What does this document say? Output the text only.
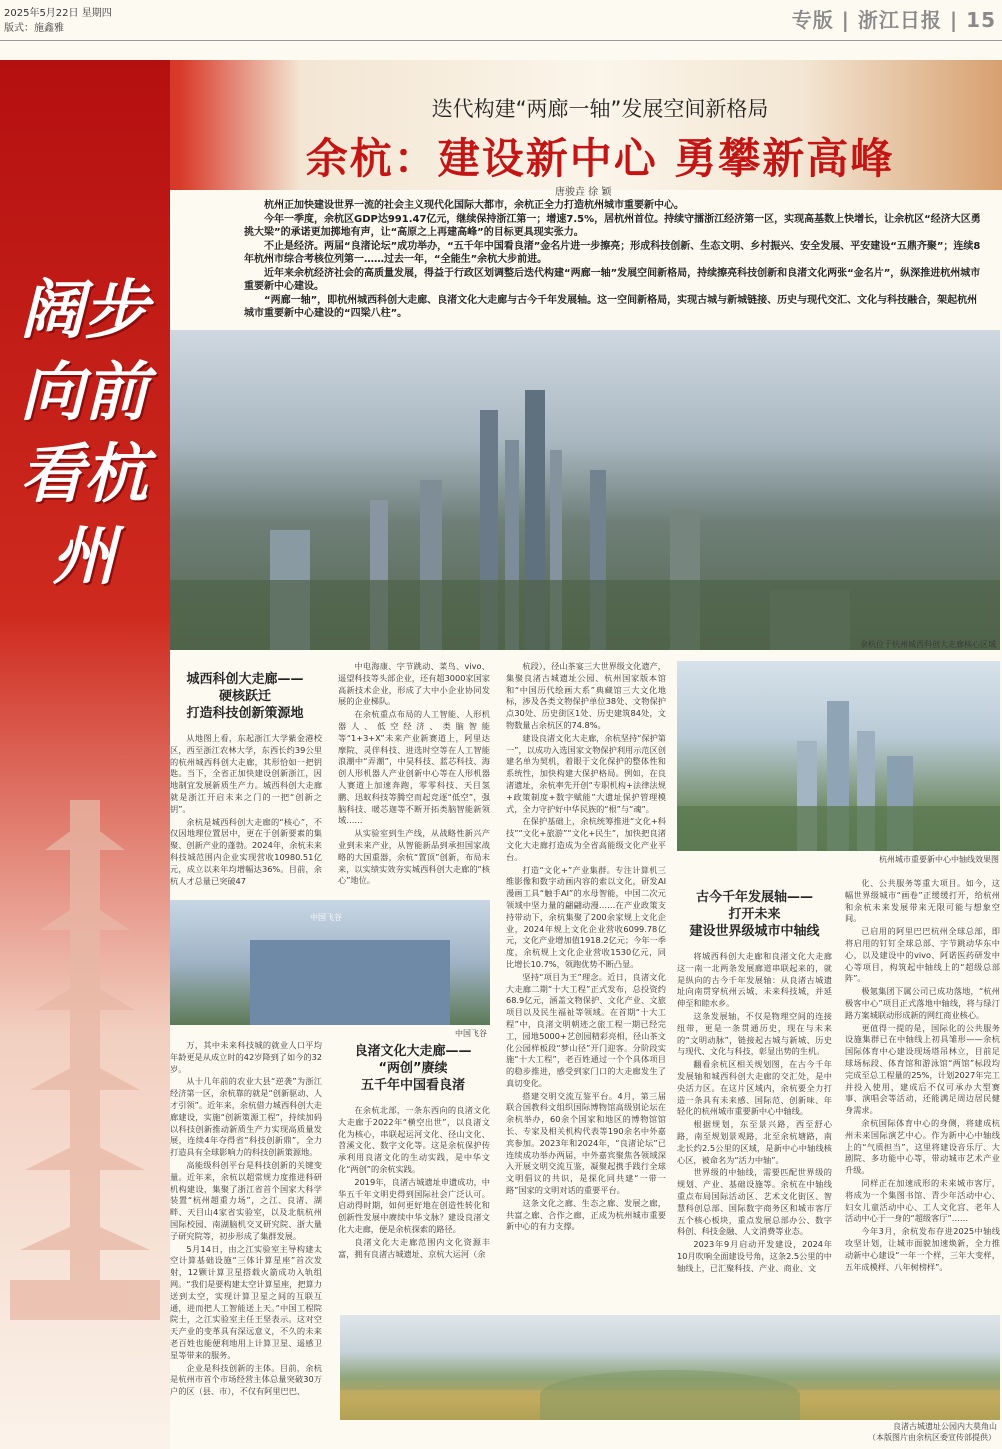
2025年5月22日 星期四
版式：施鑫雅	专版 | 浙江日报 | 15
阔步向前看杭州
迭代构建“两廊一轴”发展空间新格局
余杭：建设新中心 勇攀新高峰
唐骏垚 徐 颖

杭州正加快建设世界一流的社会主义现代化国际大都市，余杭正全力打造杭州城市重要新中心。

今年一季度，余杭区GDP达991.47亿元，继续保持浙江第一；增速7.5%，居杭州首位。持续守擂浙江经济第一区，实现高基数上快增长，让余杭区“经济大区勇挑大梁”的承诺更加掷地有声，让“高原之上再建高峰”的目标更具现实张力。

不止是经济。两届“良渚论坛”成功举办，“五千年中国看良渚”金名片进一步擦亮；形成科技创新、生态文明、乡村振兴、安全发展、平安建设“五鼎齐聚”；连续8年杭州市综合考核位列第一……过去一年，“全能生”余杭大步前进。

近年来余杭经济社会的高质量发展，得益于行政区划调整后迭代构建“两廊一轴”发展空间新格局，持续擦亮科技创新和良渚文化两张“金名片”，纵深推进杭州城市重要新中心建设。

“两廊一轴”，即杭州城西科创大走廊、良渚文化大走廊与古今千年发展轴。这一空间新格局，实现古城与新城链接、历史与现代交汇、文化与科技融合，架起杭州城市重要新中心建设的“四梁八柱”。

余杭位于杭州城西科创大走廊核心区域
城西科创大走廊——
硬核跃迁
打造科技创新策源地

从地图上看，东起浙江大学紫金港校区，西至浙江农林大学，东西长约39公里的杭州城西科创大走廊，其形恰如一把钥匙。当下，全省正加快建设创新浙江，因地制宜发展新质生产力。城西科创大走廊就是浙江开启未来之门的一把“创新之钥”。

余杭是城西科创大走廊的“核心”，不仅因地理位置居中，更在于创新要素的集聚、创新产业的蓬勃。2024年，余杭未来科技城范围内企业实现营收10980.51亿元，成立以来年均增幅达36%。目前，余杭人才总量已突破47

中电海康、字节跳动、菜鸟、vivo、遥望科技等头部企业，还有超3000家国家高新技术企业，形成了大中小企业协同发展的企业梯队。

在余杭重点布局的人工智能、人形机器人、低空经济、类脑智能等“1+3+X”未来产业新赛道上，阿里达摩院、灵伴科技、进选时空等在人工智能浪潮中“弄潮”，中昊科技、蓝芯科技、海创人形机器人产业创新中心等在人形机器人赛道上加速奔跑，零零科技、天目氢鹏、迅蚁科技等腾空而起竞逐“低空”，强脑科技、暖芯迦等不断开拓类脑智能新领域……

从实验室到生产线，从战略性新兴产业到未来产业，从智能新品到承担国家战略的大国重器，余杭“置顶”创新，布局未来，以实绩实效夯实城西科创大走廊的“核心”地位。

中国飞谷
中国飞谷

万，其中未来科技城的就业人口平均年龄更是从成立时的42岁降到了如今的32岁。

从十几年前的农业大县“逆袭”为浙江经济第一区，余杭靠的就是“创新驱动、人才引领”。近年来，余杭借力城西科创大走廊建设，实施“创新策源工程”，持续加码以科技创新推动新质生产力实现高质量发展，连续4年夺得省“科技创新鼎”，全力打造具有全球影响力的科技创新策源地。

高能级科创平台是科技创新的关键变量。近年来，余杭以超常规力度推进科研机构建设，集聚了浙江省首个国家大科学装置“杭州超重力场”，之江、良渚、湖畔、天目山4家省实验室，以及北航杭州国际校园、南湖脑机交叉研究院、浙大量子研究院等，初步形成了集群发展。

5月14日，由之江实验室主导构建太空计算基础设施“三体计算星座”首次发射，12颗计算卫星搭载火箭成功入轨组网。“我们是要构建太空计算星座，把算力送到太空，实现计算卫星之间的互联互通，进而把人工智能送上天。”中国工程院院士，之江实验室主任王坚表示。这对空天产业的变革具有深远意义，不久的未来老百姓也能便利地用上计算卫星、遥感卫星等带来的服务。

企业是科技创新的主体。目前，余杭是杭州市首个市场经营主体总量突破30万户的区（县、市），不仅有阿里巴巴、

良渚文化大走廊——
“两创”赓续
五千年中国看良渚

在余杭北部，一条东西向的良渚文化大走廊于2022年“横空出世”，以良渚文化为核心，串联起运河文化、径山文化、苕溪文化、数字文化等。这是余杭保护传承利用良渚文化的生动实践，是中华文化“两创”的余杭实践。

2019年，良渚古城遗址申遗成功，中华五千年文明史得到国际社会广泛认可。启动得时期，如何更好地在创造性转化和创新性发展中赓续中华文脉？建设良渚文化大走廊，便是余杭探索的路径。

良渚文化大走廊范围内文化资源丰富，拥有良渚古城遗址、京杭大运河（余

杭段），径山茶宴三大世界级文化遗产，集聚良渚古城遗址公园、杭州国家版本馆和“中国历代绘画大系”典藏馆三大文化地标，涉及各类文物保护单位38处、文物保护点30处、历史街区1处、历史建筑84处，文物数量占余杭区的74.8%。

建设良渚文化大走廊，余杭坚持“保护第一”，以成功入选国家文物保护利用示范区创建名单为契机，着眼于文化保护的整体性和系统性，加快构建大保护格局。例如，在良渚遗址，余杭率先开创“专职机构+法律法规+政策制度+数字赋能”大遗址保护管理模式，全力守护好中华民族的“根”与“魂”。

在保护基础上，余杭统筹推进“文化+科技”“文化+旅游”“文化+民生”，加快把良渚文化大走廊打造成为全省高能级文化产业平台。

打造“文化+”产业集群。专注计算机三维影像和数字动画内容的索以文化，研发AI漫画工具“触手AI”的水母智能，中国二次元领域中坚力量的翩翩动漫……在产业政策支持带动下，余杭集聚了200余家规上文化企业，2024年规上文化企业营收6099.78亿元，文化产业增加值1918.2亿元；今年一季度，余杭规上文化企业营收1530亿元，同比增长10.7%，领跑优势不断凸显。

坚持“项目为王”理念。近日，良渚文化大走廊二期“十大工程”正式发布，总投资约68.9亿元，涵盖文物保护、文化产业、文旅项目以及民生福祉等领域。在首期“十大工程”中，良渚文明朝迹之旅工程一期已经完工，园地5000+艺创园精彩亮相，径山茶文化公园样板段“梦山径”开门迎客。分阶段实施“十大工程”，老百姓通过一个个具体项目的稳步推进，感受到家门口的大走廊发生了真切变化。

搭建交明交流互鉴平台。4月，第三届联合国教科文组织国际博物馆高级别论坛在余杭举办，60余个国家和地区的博物馆馆长、专家及相关机构代表等190余名中外嘉宾参加。2023年和2024年，“良渚论坛”已连续成功举办两届，中外嘉宾聚焦各领域深入开展文明交流互鉴，凝聚起携手践行全球文明倡议的共识，是探化同共建“一带一路”国家的文明对话的重要平台。

这条文化之廊、生态之廊、发展之廊，共富之廊、合作之廊，正成为杭州城市重要新中心的有力支撑。

杭州城市重要新中心中轴线效果图
古今千年发展轴——
打开未来
建设世界级城市中轴线

将城西科创大走廊和良渚文化大走廊这一南一北两条发展廊道串联起来的，就是纵向的古今千年发展轴：从良渚古城遗址向南贯穿杭州云城、未来科技城，并延伸至和睦水乡。

这条发展轴，不仅是物理空间的连接纽带，更是一条贯通历史，现在与未来的“文明动脉”，链接起古城与新城、历史与现代、文化与科技，彰显出势的生机。

翻看余杭区相关规划图，在古今千年发展轴和城西科创大走廊的交汇处，是中央活力区。在这片区域内，余杭要全力打造一条具有未来感、国际范、创新味、年轻化的杭州城市重要新中心中轴线。

根据规划，东至景兴路，西至舒心路，南至规划景观路，北至余杭塘路，南北长约2.5公里的区域，是新中心中轴线核心区，被命名为“活力中轴”。

世界级的中轴线，需要匹配世界级的规划、产业、基础设施等。余杭在中轴线重点布局国际活动区、艺术文化街区、智慧科创总部、国际数字商务区和城市客厅五个核心板块，重点发展总部办公、数字科创、科技金融、人文消费等业态。

2023年9月启动开发建设，2024年10月吹响全面建设号角，这条2.5公里的中轴线上，已汇聚科技、产业、商业、文

化、公共服务等重大项目。如今，这幅世界级城市“画卷”正缓缓打开，给杭州和余杭未来发展带来无限可能与想象空间。

已启用的阿里巴巴杭州全球总部，即将启用的钉钉全球总部、字节跳动华东中心，以及建设中的vivo、阿诺医药研发中心等项目，构筑起中轴线上的“超级总部阵”。

极氪集团下属公司已成功落地，“杭州极客中心”项目正式落地中轴线，将与绿汀路方案城联动形成新的网红商业核心。

更值得一提的是，国际化的公共服务设施集群已在中轴线上初具雏形——余杭国际体育中心建设现场塔吊林立，目前足球场标段、体育馆和游泳馆“两馆”标段均完成至总工程量的25%，计划2027年完工并投入使用，建成后不仅可承办大型赛事、演唱会等活动，还能满足周边居民健身需求。

余杭国际体育中心的身侧，将建成杭州未来国际演艺中心。作为新中心中轴线上的“气质担当”，这里将建设音乐厅、大剧院、多功能中心等，带动城市艺术产业升级。

同样正在加速成形的未来城市客厅，将成为一个集图书馆、青少年活动中心、妇女儿童活动中心、工人文化宫、老年人活动中心于一身的“超级客厅”……

今年3月，余杭发布存进2025中轴线攻坚计划，让城市面貌加速焕新，全力推动新中心建设“一年一个样，三年大变样，五年成模样、八年树榜样”。

良渚古城遗址公园内大莫角山
（本版图片由余杭区委宣传部提供）
